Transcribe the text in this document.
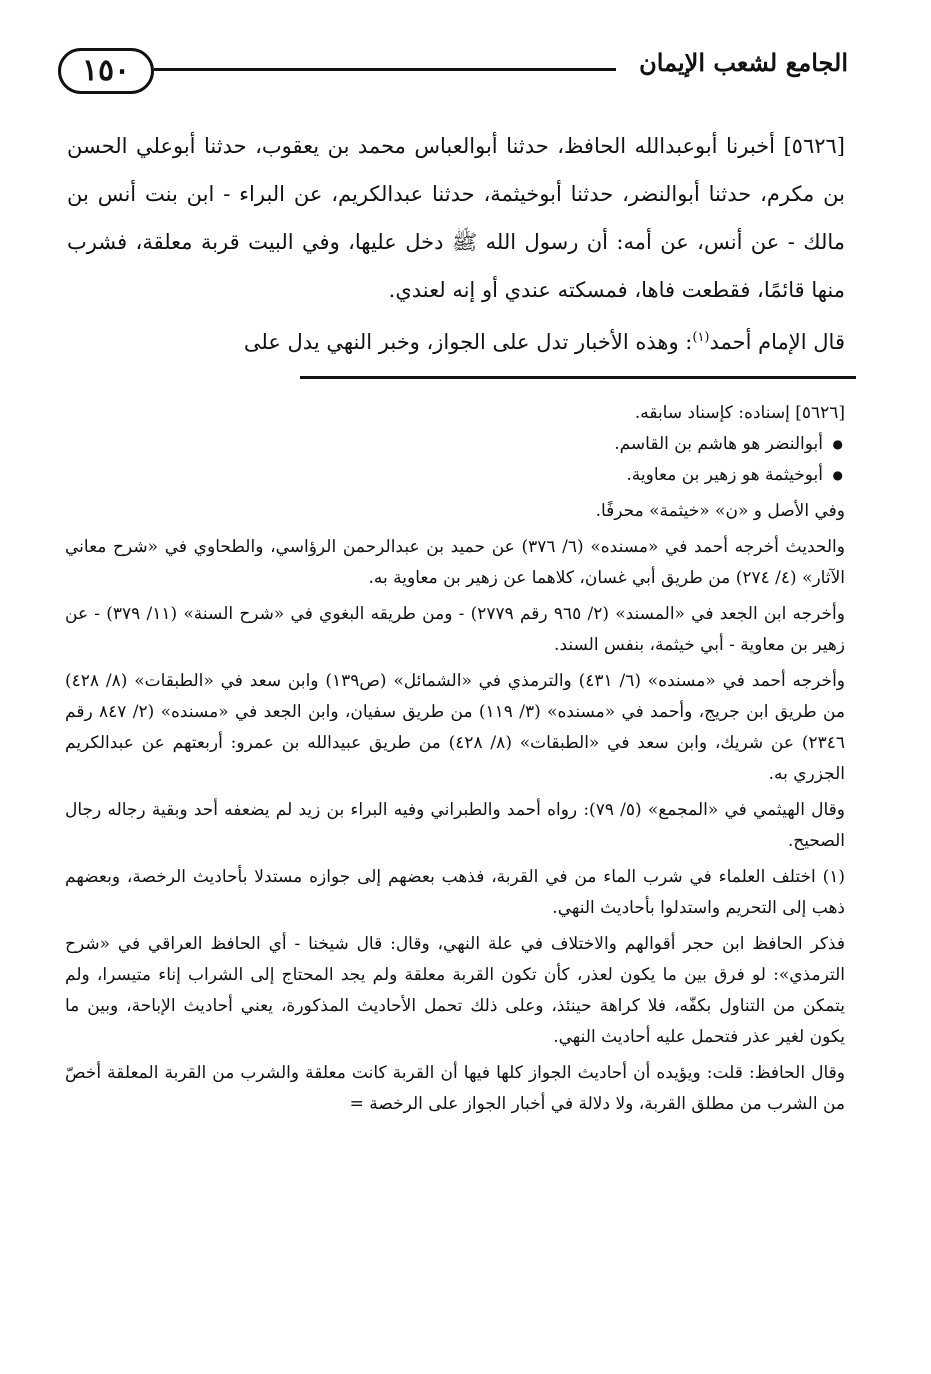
١٥٠	الجامع لشعب الإيمان

[٥٦٢٦] أخبرنا أبوعبدالله الحافظ، حدثنا أبوالعباس محمد بن يعقوب، حدثنا أبوعلي الحسن بن مكرم، حدثنا أبوالنضر، حدثنا أبوخيثمة، حدثنا عبدالكريم، عن البراء - ابن بنت أنس بن مالك - عن أنس، عن أمه: أن رسول الله ﷺ دخل عليها، وفي البيت قربة معلقة، فشرب منها قائمًا، فقطعت فاها، فمسكته عندي أو إنه لعندي.

قال الإمام أحمد$^{(١)}$: وهذه الأخبار تدل على الجواز، وخبر النهي يدل على

[٥٦٢٦] إسناده: كإسناد سابقه.

● أبوالنضر هو هاشم بن القاسم.

● أبوخيثمة هو زهير بن معاوية.

وفي الأصل و «ن» «خيثمة» محرفًا.

والحديث أخرجه أحمد في «مسنده» (٦/ ٣٧٦) عن حميد بن عبدالرحمن الرؤاسي، والطحاوي في «شرح معاني الآثار» (٤/ ٢٧٤) من طريق أبي غسان، كلاهما عن زهير بن معاوية به.

وأخرجه ابن الجعد في «المسند» (٢/ ٩٦٥ رقم ٢٧٧٩) - ومن طريقه البغوي في «شرح السنة» (١١/ ٣٧٩) - عن زهير بن معاوية - أبي خيثمة، بنفس السند.

وأخرجه أحمد في «مسنده» (٦/ ٤٣١) والترمذي في «الشمائل» (ص١٣٩) وابن سعد في «الطبقات» (٨/ ٤٢٨) من طريق ابن جريج، وأحمد في «مسنده» (٣/ ١١٩) من طريق سفيان، وابن الجعد في «مسنده» (٢/ ٨٤٧ رقم ٢٣٤٦) عن شريك، وابن سعد في «الطبقات» (٨/ ٤٢٨) من طريق عبيدالله بن عمرو: أربعتهم عن عبدالكريم الجزري به.

وقال الهيثمي في «المجمع» (٥/ ٧٩): رواه أحمد والطبراني وفيه البراء بن زيد لم يضعفه أحد وبقية رجاله رجال الصحيح.

(١) اختلف العلماء في شرب الماء من في القربة، فذهب بعضهم إلى جوازه مستدلا بأحاديث الرخصة، وبعضهم ذهب إلى التحريم واستدلوا بأحاديث النهي.

فذكر الحافظ ابن حجر أقوالهم والاختلاف في علة النهي، وقال: قال شيخنا - أي الحافظ العراقي في «شرح الترمذي»: لو فرق بين ما يكون لعذر، كأن تكون القربة معلقة ولم يجد المحتاج إلى الشراب إناء متيسرا، ولم يتمكن من التناول بكفّه، فلا كراهة حينئذ، وعلى ذلك تحمل الأحاديث المذكورة، يعني أحاديث الإباحة، وبين ما يكون لغير عذر فتحمل عليه أحاديث النهي.

وقال الحافظ: قلت: ويؤيده أن أحاديث الجواز كلها فيها أن القربة كانت معلقة والشرب من القربة المعلقة أخصّ من الشرب من مطلق القربة، ولا دلالة في أخبار الجواز على الرخصة =
